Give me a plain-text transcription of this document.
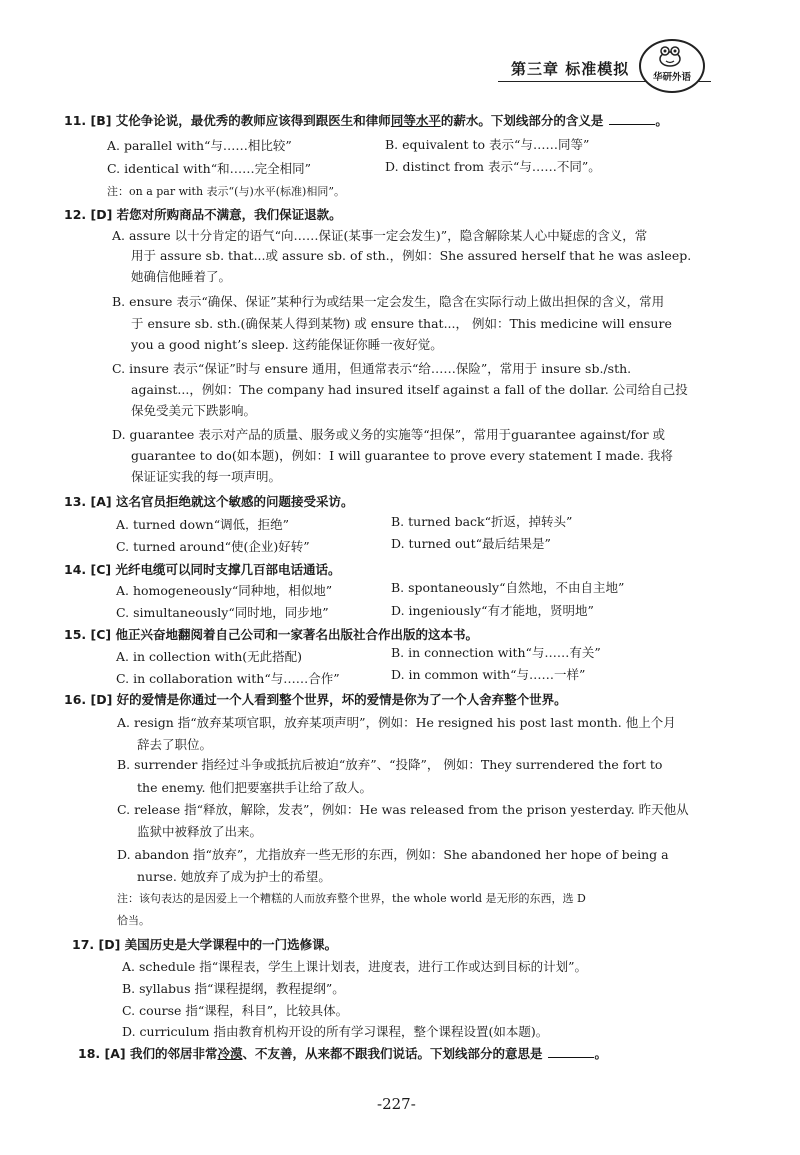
第三章 标准模拟	华研外语
11. [B] 艾伦争论说，最优秀的教师应该得到跟医生和律师同等水平的薪水。下划线部分的含义是	。
A. parallel with“与……相比较”	B. equivalent to 表示“与……同等”
C. identical with“和……完全相同”	D. distinct from 表示“与……不同”。
注：on a par with 表示“(与)水平(标准)相同”。
12. [D] 若您对所购商品不满意，我们保证退款。
A. assure 以十分肯定的语气“向……保证(某事一定会发生)”，隐含解除某人心中疑虑的含义，常
用于 assure sb. that...或 assure sb. of sth.，例如：She assured herself that he was asleep.
她确信他睡着了。
B. ensure 表示“确保、保证”某种行为或结果一定会发生，隐含在实际行动上做出担保的含义，常用
于 ensure sb. sth.(确保某人得到某物) 或 ensure that...， 例如：This medicine will ensure
you a good night’s sleep. 这药能保证你睡一夜好觉。
C. insure 表示“保证”时与 ensure 通用，但通常表示“给……保险”，常用于 insure sb./sth.
against...，例如：The company had insured itself against a fall of the dollar. 公司给自己投
保免受美元下跌影响。
D. guarantee 表示对产品的质量、服务或义务的实施等“担保”，常用于guarantee against/for 或
guarantee to do(如本题)，例如：I will guarantee to prove every statement I made. 我将
保证证实我的每一项声明。
13. [A] 这名官员拒绝就这个敏感的问题接受采访。
A. turned down“调低，拒绝”	B. turned back“折返，掉转头”
C. turned around“使(企业)好转”	D. turned out“最后结果是”
14. [C] 光纤电缆可以同时支撑几百部电话通话。
A. homogeneously“同种地，相似地”	B. spontaneously“自然地，不由自主地”
C. simultaneously“同时地，同步地”	D. ingeniously“有才能地，贤明地”
15. [C] 他正兴奋地翻阅着自己公司和一家著名出版社合作出版的这本书。
A. in collection with(无此搭配)	B. in connection with“与……有关”
C. in collaboration with“与……合作”	D. in common with“与……一样”
16. [D] 好的爱情是你通过一个人看到整个世界，坏的爱情是你为了一个人舍弃整个世界。
A. resign 指“放弃某项官职，放弃某项声明”，例如：He resigned his post last month. 他上个月
辞去了职位。
B. surrender 指经过斗争或抵抗后被迫“放弃”、“投降”， 例如：They surrendered the fort to
the enemy. 他们把要塞拱手让给了敌人。
C. release 指“释放，解除，发表”，例如：He was released from the prison yesterday. 昨天他从
监狱中被释放了出来。
D. abandon 指“放弃”，尤指放弃一些无形的东西，例如：She abandoned her hope of being a
nurse. 她放弃了成为护士的希望。
注：该句表达的是因爱上一个糟糕的人而放弃整个世界，the whole world 是无形的东西，选 D
恰当。
17. [D] 美国历史是大学课程中的一门选修课。
A. schedule 指“课程表，学生上课计划表，进度表，进行工作或达到目标的计划”。
B. syllabus 指“课程提纲，教程提纲”。
C. course 指“课程，科目”，比较具体。
D. curriculum 指由教育机构开设的所有学习课程，整个课程设置(如本题)。
18. [A] 我们的邻居非常冷漠、不友善，从来都不跟我们说话。下划线部分的意思是	。
-227-
